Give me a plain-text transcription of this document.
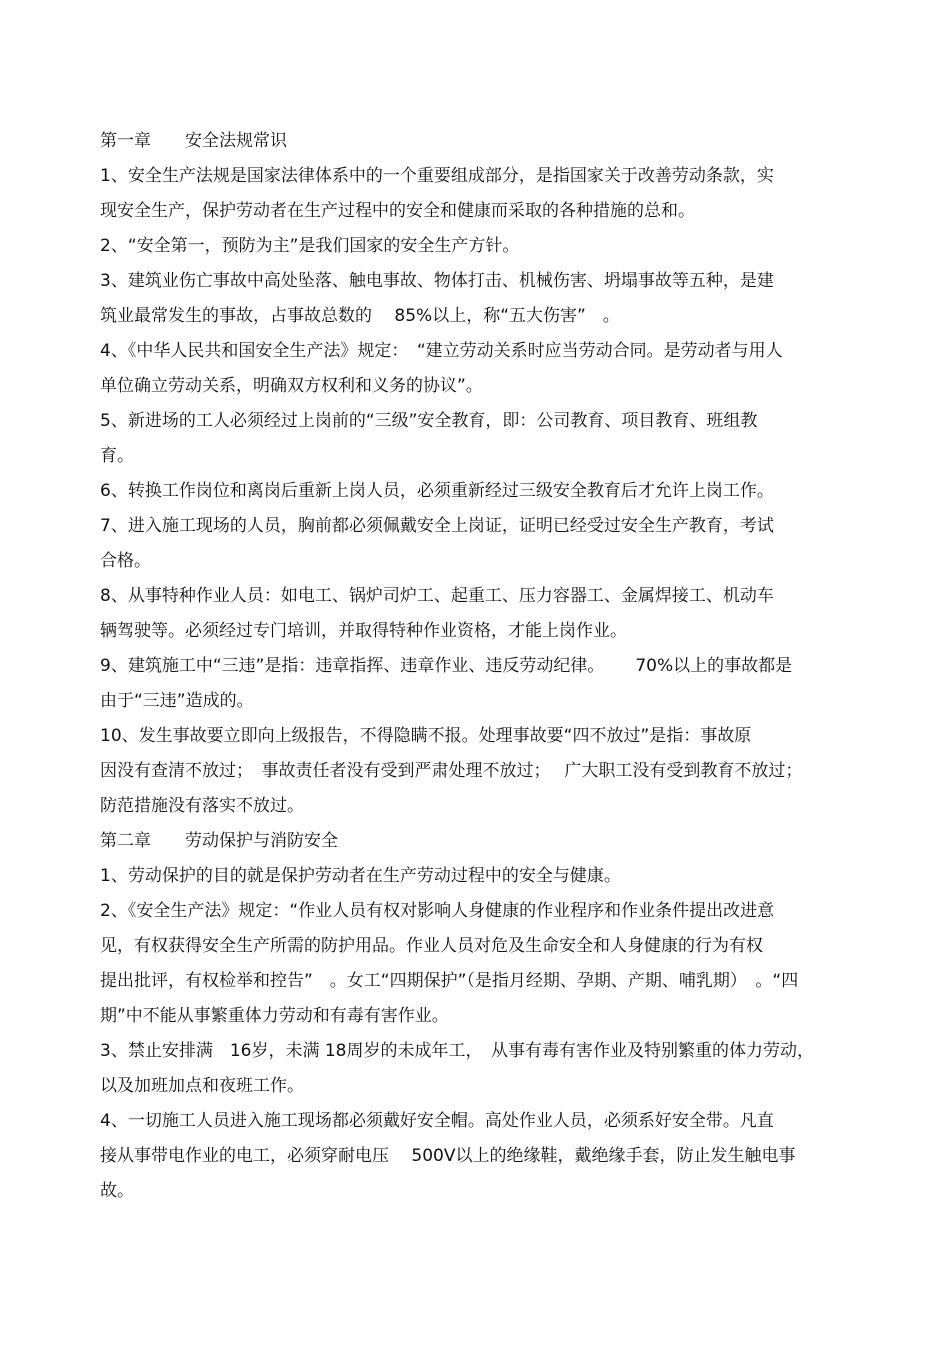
第一章　　安全法规常识
1、安全生产法规是国家法律体系中的一个重要组成部分，是指国家关于改善劳动条款，实
现安全生产，保护劳动者在生产过程中的安全和健康而采取的各种措施的总和。
2、“安全第一，预防为主”是我们国家的安全生产方针。
3、建筑业伤亡事故中高处坠落、触电事故、物体打击、机械伤害、坍塌事故等五种，是建
筑业最常发生的事故，占事故总数的　 85%以上，称“五大伤害”　。
4、《中华人民共和国安全生产法》规定：　“建立劳动关系时应当劳动合同。是劳动者与用人
单位确立劳动关系，明确双方权利和义务的协议”。
5、新进场的工人必须经过上岗前的“三级”安全教育，即：公司教育、项目教育、班组教
育。
6、转换工作岗位和离岗后重新上岗人员，必须重新经过三级安全教育后才允许上岗工作。
7、进入施工现场的人员，胸前都必须佩戴安全上岗证，证明已经受过安全生产教育，考试
合格。
8、从事特种作业人员：如电工、锅炉司炉工、起重工、压力容器工、金属焊接工、机动车
辆驾驶等。必须经过专门培训，并取得特种作业资格，才能上岗作业。
9、建筑施工中“三违”是指：违章指挥、违章作业、违反劳动纪律。　　 70%以上的事故都是
由于“三违”造成的。
10、发生事故要立即向上级报告，不得隐瞒不报。处理事故要“四不放过”是指：事故原
因没有查清不放过；　事故责任者没有受到严肃处理不放过；　 广大职工没有受到教育不放过；
防范措施没有落实不放过。
第二章　　劳动保护与消防安全
1、劳动保护的目的就是保护劳动者在生产劳动过程中的安全与健康。
2、《安全生产法》规定：“作业人员有权对影响人身健康的作业程序和作业条件提出改进意
见，有权获得安全生产所需的防护用品。作业人员对危及生命安全和人身健康的行为有权
提出批评，有权检举和控告”　。女工“四期保护”（是指月经期、孕期、产期、哺乳期）　。“四
期”中不能从事繁重体力劳动和有毒有害作业。
3、禁止安排满　16岁，未满 18周岁的未成年工，　从事有毒有害作业及特别繁重的体力劳动，
以及加班加点和夜班工作。
4、一切施工人员进入施工现场都必须戴好安全帽。高处作业人员，必须系好安全带。凡直
接从事带电作业的电工，必须穿耐电压　 500V以上的绝缘鞋，戴绝缘手套，防止发生触电事
故。
